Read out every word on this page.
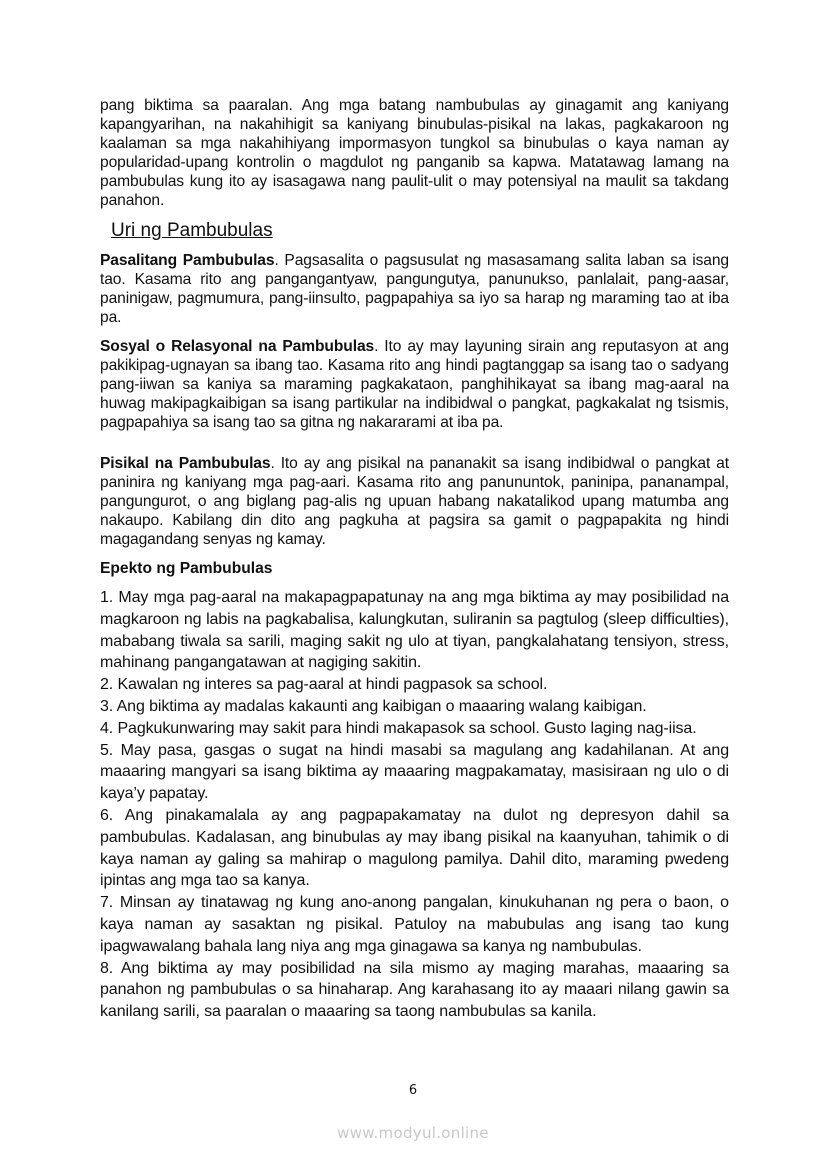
pang biktima sa paaralan. Ang mga batang nambubulas ay ginagamit ang kaniyang kapangyarihan, na nakahihigit sa kaniyang binubulas-pisikal na lakas, pagkakaroon ng kaalaman sa mga nakahihiyang impormasyon tungkol sa binubulas o kaya naman ay popularidad-upang kontrolin o magdulot ng panganib sa kapwa. Matatawag lamang na pambubulas kung ito ay isasagawa nang paulit-ulit o may potensiyal na maulit sa takdang panahon.

Uri ng Pambubulas

Pasalitang Pambubulas. Pagsasalita o pagsusulat ng masasamang salita laban sa isang tao. Kasama rito ang pangangantyaw, pangungutya, panunukso, panlalait, pang-aasar, paninigaw, pagmumura, pang-iinsulto, pagpapahiya sa iyo sa harap ng maraming tao at iba pa.

Sosyal o Relasyonal na Pambubulas. Ito ay may layuning sirain ang reputasyon at ang pakikipag-ugnayan sa ibang tao. Kasama rito ang hindi pagtanggap sa isang tao o sadyang pang-iiwan sa kaniya sa maraming pagkakataon, panghihikayat sa ibang mag-aaral na huwag makipagkaibigan sa isang partikular na indibidwal o pangkat, pagkakalat ng tsismis, pagpapahiya sa isang tao sa gitna ng nakararami at iba pa.

Pisikal na Pambubulas. Ito ay ang pisikal na pananakit sa isang indibidwal o pangkat at paninira ng kaniyang mga pag-aari. Kasama rito ang panununtok, paninipa, pananampal, pangungurot, o ang biglang pag-alis ng upuan habang nakatalikod upang matumba ang nakaupo. Kabilang din dito ang pagkuha at pagsira sa gamit o pagpapakita ng hindi magagandang senyas ng kamay.

Epekto ng Pambubulas
1. May mga pag-aaral na makapagpapatunay na ang mga biktima ay may posibilidad na magkaroon ng labis na pagkabalisa, kalungkutan, suliranin sa pagtulog (sleep difficulties), mababang tiwala sa sarili, maging sakit ng ulo at tiyan, pangkalahatang tensiyon, stress, mahinang pangangatawan at nagiging sakitin.
2. Kawalan ng interes sa pag-aaral at hindi pagpasok sa school.
3. Ang biktima ay madalas kakaunti ang kaibigan o maaaring walang kaibigan.
4. Pagkukunwaring may sakit para hindi makapasok sa school. Gusto laging nag-iisa.
5. May pasa, gasgas o sugat na hindi masabi sa magulang ang kadahilanan. At ang maaaring mangyari sa isang biktima ay maaaring magpakamatay, masisiraan ng ulo o di kaya’y papatay.
6. Ang pinakamalala ay ang pagpapakamatay na dulot ng depresyon dahil sa pambubulas. Kadalasan, ang binubulas ay may ibang pisikal na kaanyuhan, tahimik o di kaya naman ay galing sa mahirap o magulong pamilya. Dahil dito, maraming pwedeng ipintas ang mga tao sa kanya.
7. Minsan ay tinatawag ng kung ano-anong pangalan, kinukuhanan ng pera o baon, o kaya naman ay sasaktan ng pisikal. Patuloy na mabubulas ang isang tao kung ipagwawalang bahala lang niya ang mga ginagawa sa kanya ng nambubulas.
8. Ang biktima ay may posibilidad na sila mismo ay maging marahas, maaaring sa panahon ng pambubulas o sa hinaharap. Ang karahasang ito ay maaari nilang gawin sa kanilang sarili, sa paaralan o maaaring sa taong nambubulas sa kanila.
6
www.modyul.online
